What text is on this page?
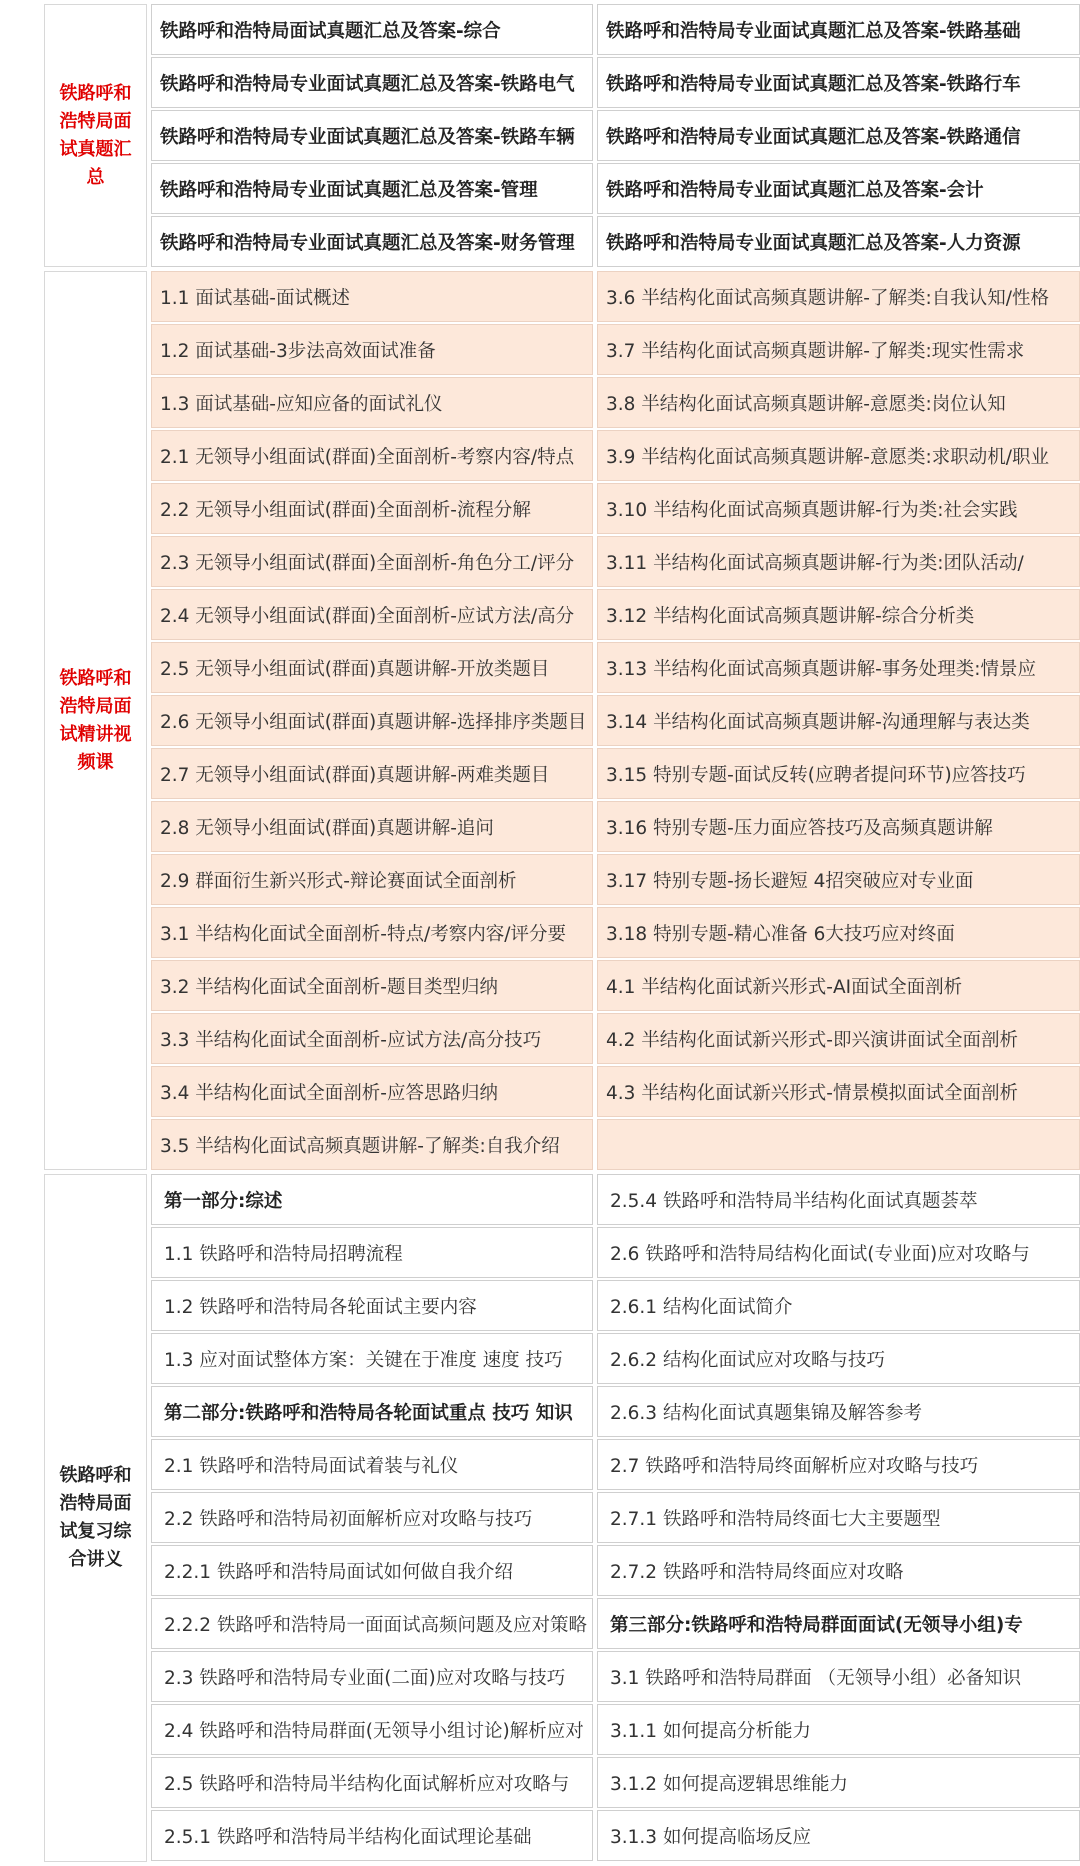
铁路呼和浩特局面试真题汇总
铁路呼和浩特局面试真题汇总及答案-综合	铁路呼和浩特局专业面试真题汇总及答案-铁路基础
铁路呼和浩特局专业面试真题汇总及答案-铁路电气	铁路呼和浩特局专业面试真题汇总及答案-铁路行车
铁路呼和浩特局专业面试真题汇总及答案-铁路车辆	铁路呼和浩特局专业面试真题汇总及答案-铁路通信
铁路呼和浩特局专业面试真题汇总及答案-管理	铁路呼和浩特局专业面试真题汇总及答案-会计
铁路呼和浩特局专业面试真题汇总及答案-财务管理	铁路呼和浩特局专业面试真题汇总及答案-人力资源
铁路呼和浩特局面试精讲视频课
1.1 面试基础-面试概述	3.6 半结构化面试高频真题讲解-了解类:自我认知/性格
1.2 面试基础-3步法高效面试准备	3.7 半结构化面试高频真题讲解-了解类:现实性需求
1.3 面试基础-应知应备的面试礼仪	3.8 半结构化面试高频真题讲解-意愿类:岗位认知
2.1 无领导小组面试(群面)全面剖析-考察内容/特点	3.9 半结构化面试高频真题讲解-意愿类:求职动机/职业
2.2 无领导小组面试(群面)全面剖析-流程分解	3.10 半结构化面试高频真题讲解-行为类:社会实践
2.3 无领导小组面试(群面)全面剖析-角色分工/评分	3.11 半结构化面试高频真题讲解-行为类:团队活动/
2.4 无领导小组面试(群面)全面剖析-应试方法/高分	3.12 半结构化面试高频真题讲解-综合分析类
2.5 无领导小组面试(群面)真题讲解-开放类题目	3.13 半结构化面试高频真题讲解-事务处理类:情景应
2.6 无领导小组面试(群面)真题讲解-选择排序类题目	3.14 半结构化面试高频真题讲解-沟通理解与表达类
2.7 无领导小组面试(群面)真题讲解-两难类题目	3.15 特别专题-面试反转(应聘者提问环节)应答技巧
2.8 无领导小组面试(群面)真题讲解-追问	3.16 特别专题-压力面应答技巧及高频真题讲解
2.9 群面衍生新兴形式-辩论赛面试全面剖析	3.17 特别专题-扬长避短 4招突破应对专业面
3.1 半结构化面试全面剖析-特点/考察内容/评分要	3.18 特别专题-精心准备 6大技巧应对终面
3.2 半结构化面试全面剖析-题目类型归纳	4.1 半结构化面试新兴形式-AI面试全面剖析
3.3 半结构化面试全面剖析-应试方法/高分技巧	4.2 半结构化面试新兴形式-即兴演讲面试全面剖析
3.4 半结构化面试全面剖析-应答思路归纳	4.3 半结构化面试新兴形式-情景模拟面试全面剖析
3.5 半结构化面试高频真题讲解-了解类:自我介绍
铁路呼和浩特局面试复习综合讲义
第一部分:综述	2.5.4 铁路呼和浩特局半结构化面试真题荟萃
1.1 铁路呼和浩特局招聘流程	2.6 铁路呼和浩特局结构化面试(专业面)应对攻略与
1.2 铁路呼和浩特局各轮面试主要内容	2.6.1 结构化面试简介
1.3 应对面试整体方案：关键在于准度 速度 技巧	2.6.2 结构化面试应对攻略与技巧
第二部分:铁路呼和浩特局各轮面试重点 技巧 知识	2.6.3 结构化面试真题集锦及解答参考
2.1 铁路呼和浩特局面试着装与礼仪	2.7 铁路呼和浩特局终面解析应对攻略与技巧
2.2 铁路呼和浩特局初面解析应对攻略与技巧	2.7.1 铁路呼和浩特局终面七大主要题型
2.2.1 铁路呼和浩特局面试如何做自我介绍	2.7.2 铁路呼和浩特局终面应对攻略
2.2.2 铁路呼和浩特局一面面试高频问题及应对策略	第三部分:铁路呼和浩特局群面面试(无领导小组)专
2.3 铁路呼和浩特局专业面(二面)应对攻略与技巧	3.1 铁路呼和浩特局群面 （无领导小组）必备知识
2.4 铁路呼和浩特局群面(无领导小组讨论)解析应对	3.1.1 如何提高分析能力
2.5 铁路呼和浩特局半结构化面试解析应对攻略与	3.1.2 如何提高逻辑思维能力
2.5.1 铁路呼和浩特局半结构化面试理论基础	3.1.3 如何提高临场反应
